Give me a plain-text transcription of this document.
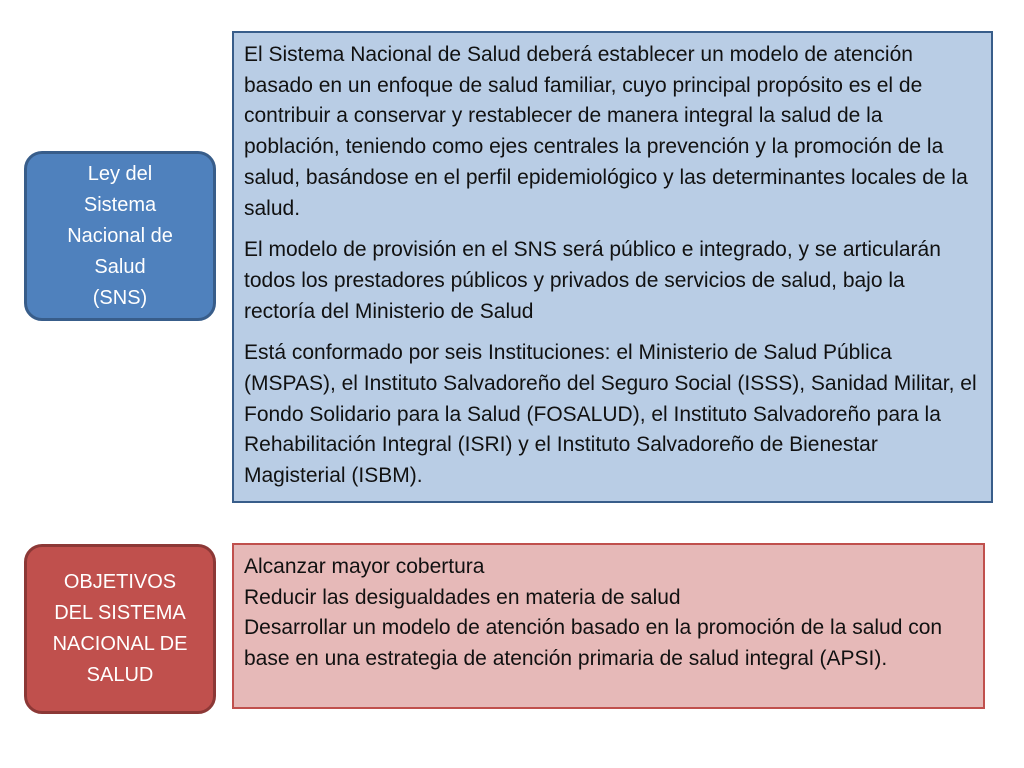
Ley del
Sistema
Nacional de
Salud
(SNS)

El Sistema Nacional de Salud deberá establecer un modelo de atención basado en un enfoque de salud familiar, cuyo principal propósito es el de contribuir a conservar y restablecer de manera integral la salud de la población, teniendo como ejes centrales la prevención y la promoción de la salud, basándose en el perfil epidemiológico y las determinantes locales de la salud.

El modelo de provisión en el SNS será público e integrado, y se articularán todos los prestadores públicos y privados de servicios de salud, bajo la rectoría del Ministerio de Salud

Está conformado por seis Instituciones: el Ministerio de Salud Pública (MSPAS), el Instituto Salvadoreño del Seguro Social (ISSS), Sanidad Militar, el Fondo Solidario para la Salud (FOSALUD), el Instituto Salvadoreño para la Rehabilitación Integral (ISRI) y el Instituto Salvadoreño de Bienestar Magisterial (ISBM).

OBJETIVOS
DEL SISTEMA
NACIONAL DE
SALUD
Alcanzar mayor cobertura
Reducir las desigualdades en materia de salud
Desarrollar un modelo de atención basado en la promoción de la salud con base en una estrategia de atención primaria de salud integral (APSI).
